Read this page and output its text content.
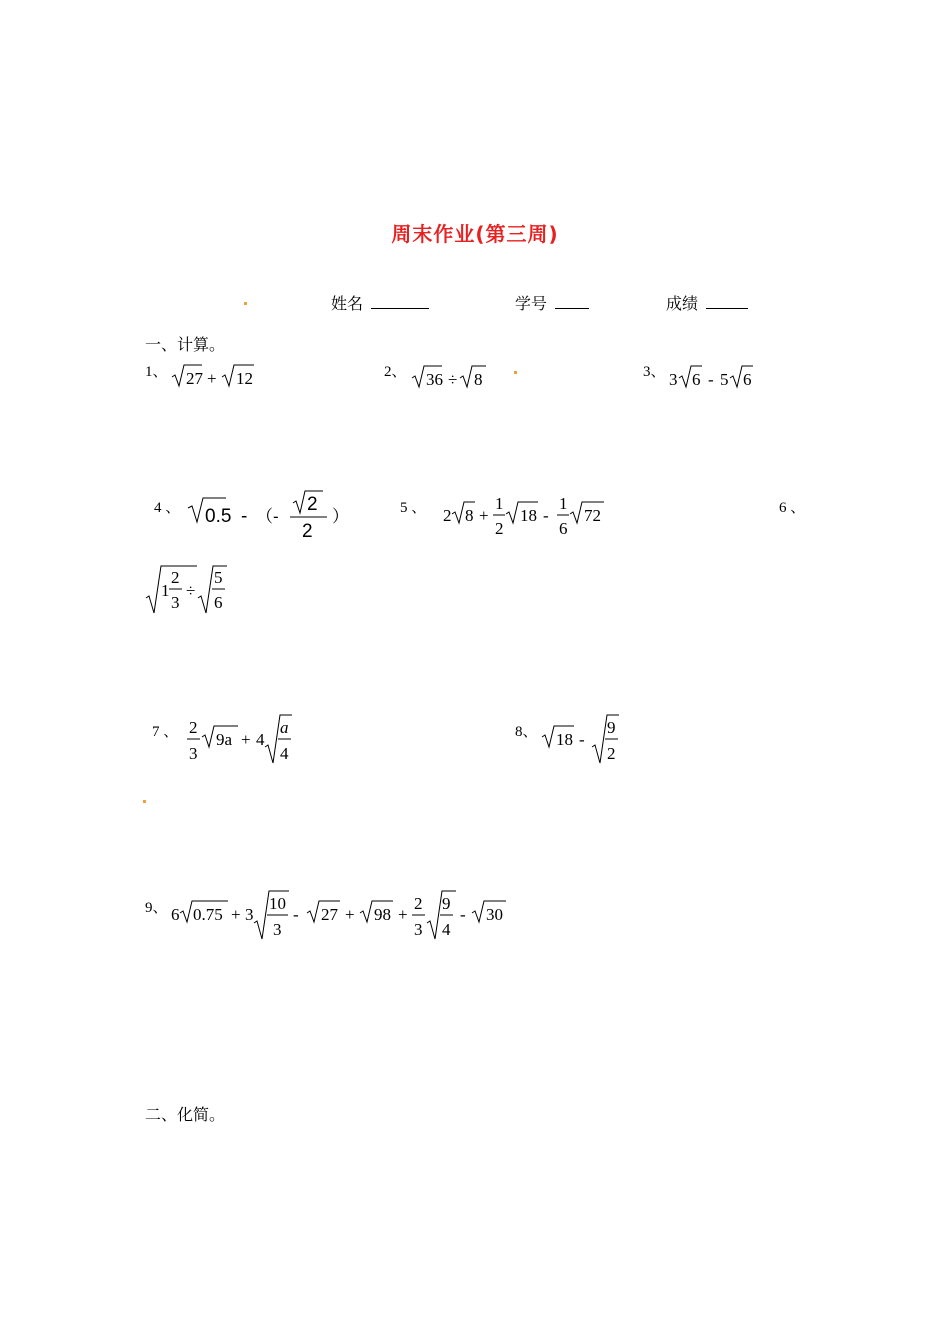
周末作业(第三周)
姓名	学号	成绩
一、计算。
1、 27 + 12	2、 36 ÷ 8	3、 3 6 - 5 6
4 、 0.5 - （-
2
2
）	5 、 2 8 +
1
2
18 -
1
6
72	6 、
1
2
3
÷
5
6
7 、 2
3
9a + 4
a
4
8、 18 -
9
2
9、 6 0.75 + 3
10
3
- 27 + 98 +
2
3
9
4
- 30
二、化简。
